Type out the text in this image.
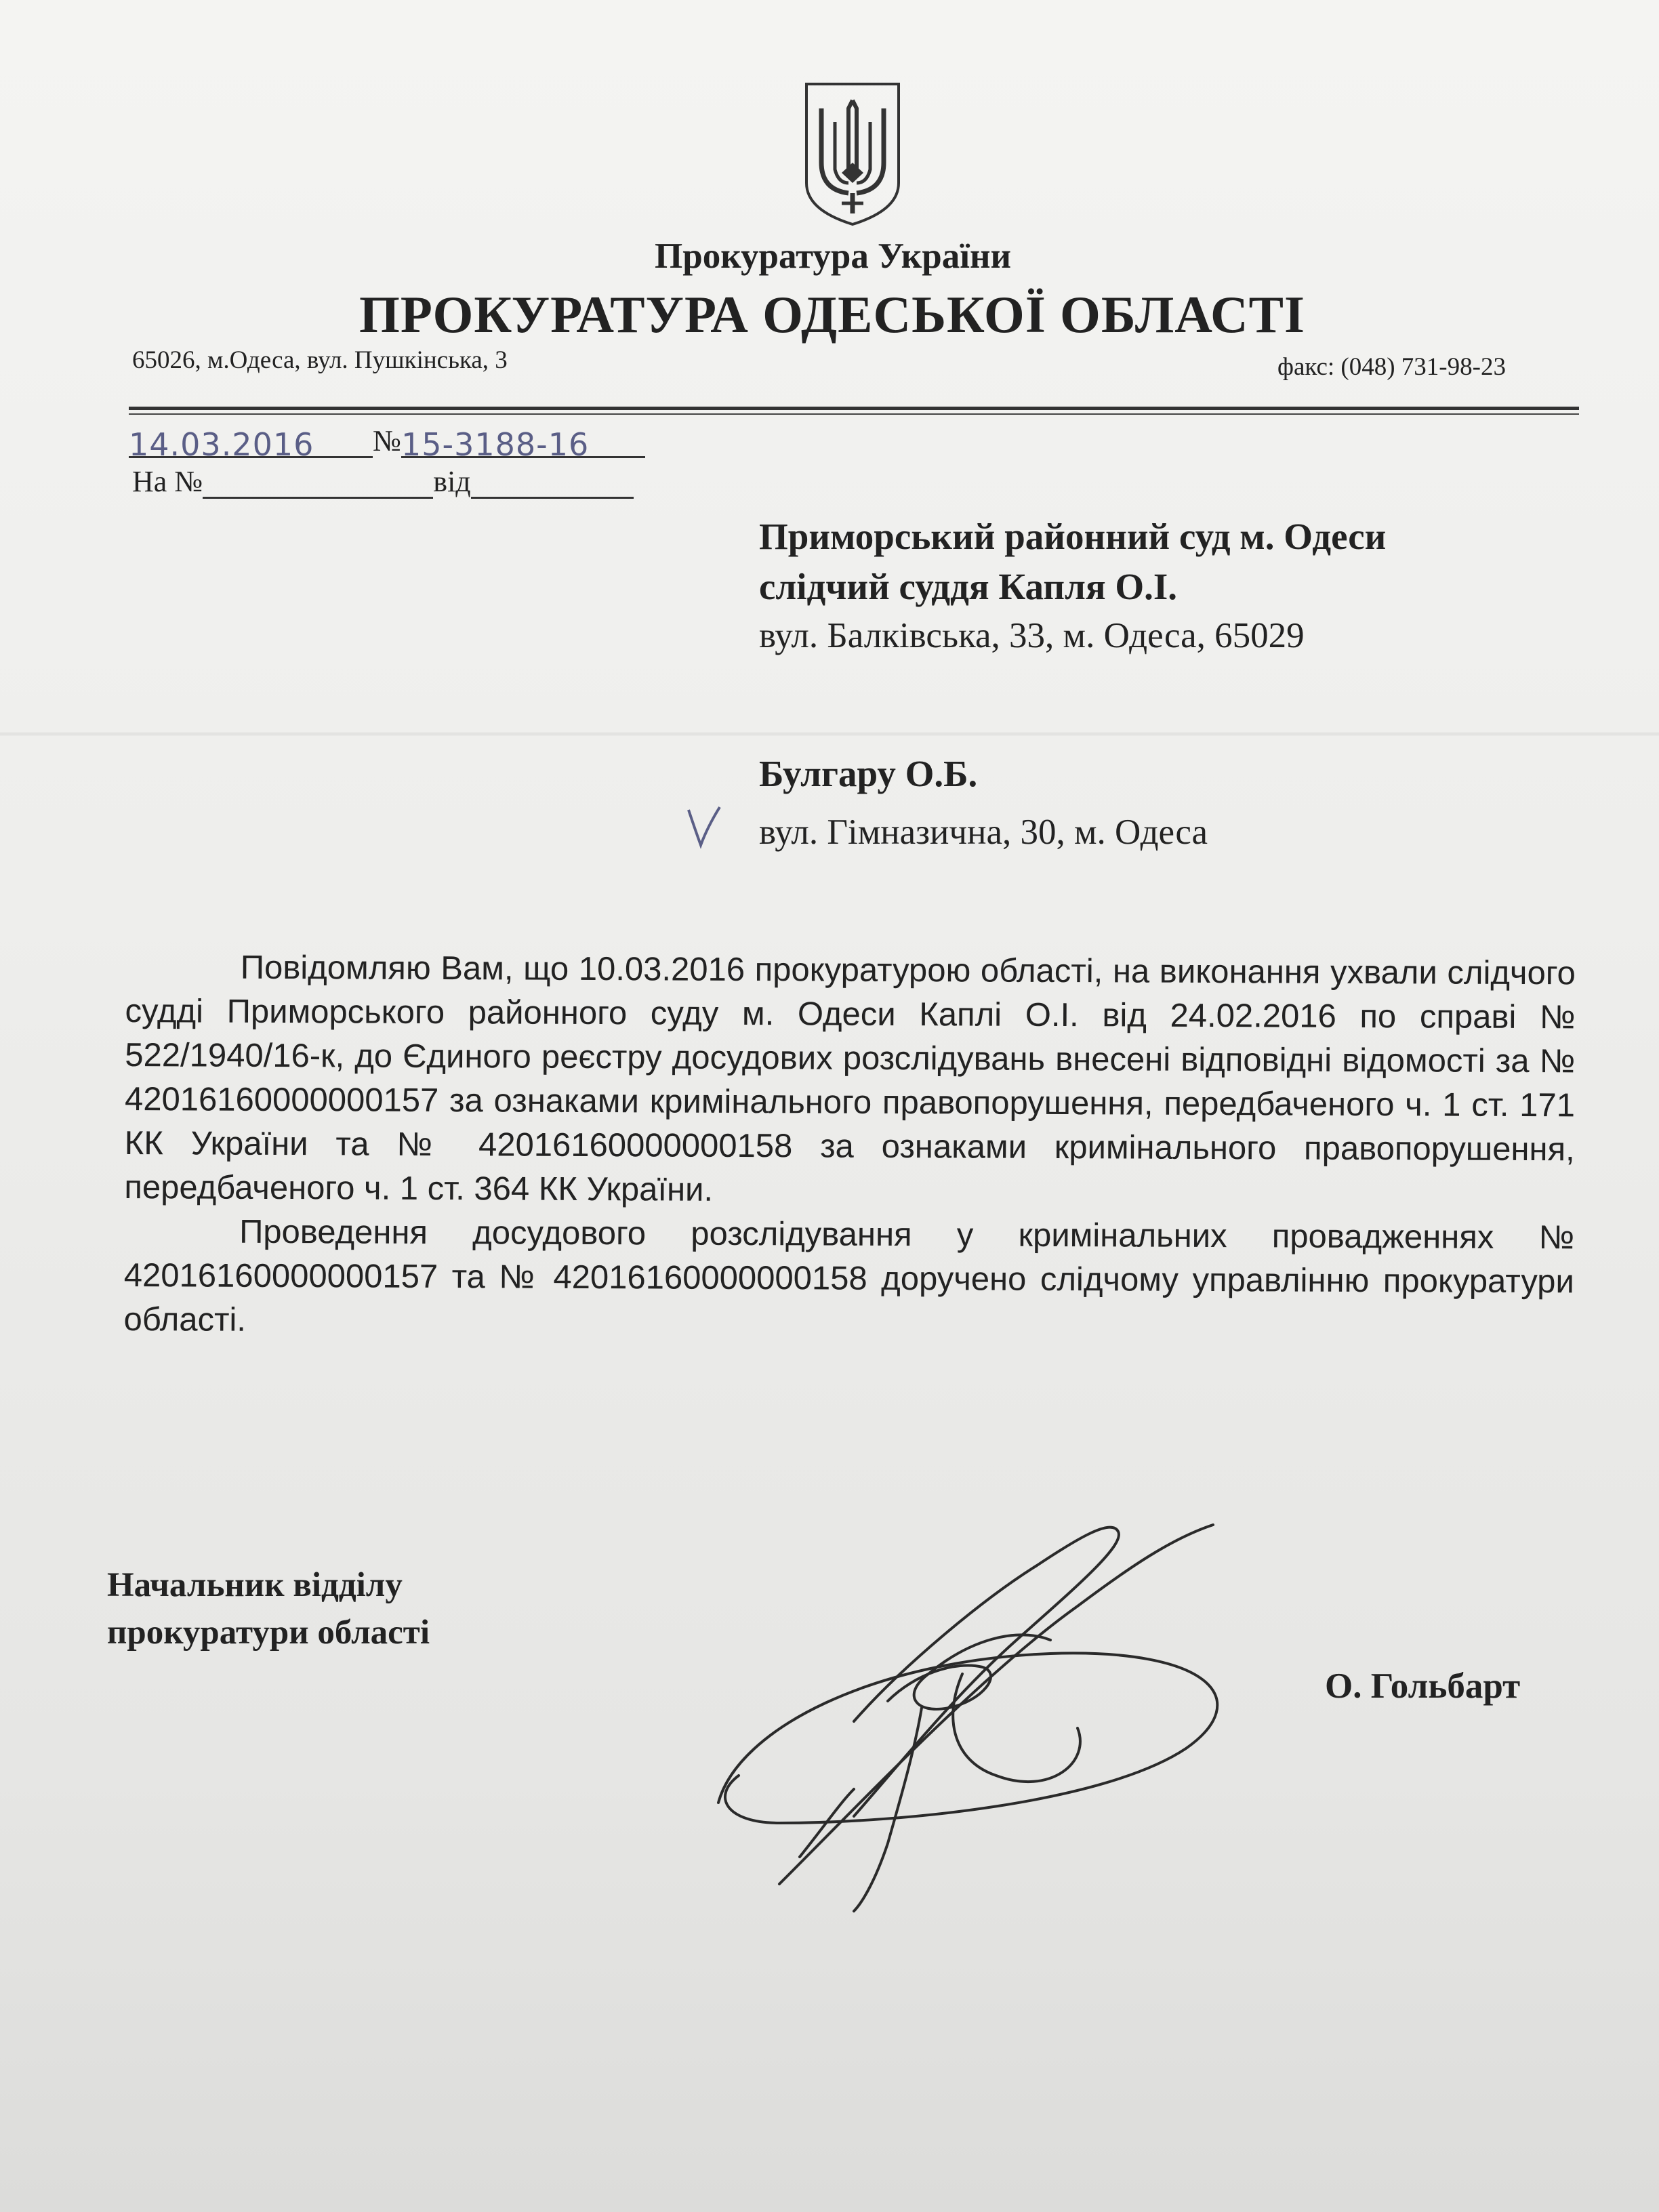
Прокуратура України
ПРОКУРАТУРА ОДЕСЬКОЇ ОБЛАСТІ
65026, м.Одеса, вул. Пушкінська, 3	факс: (048) 731-98-23
14.03.2016 №15-3188-16
На №	від
Приморський районний суд м. Одеси
слідчий суддя Капля О.І.
вул. Балківська, 33, м. Одеса, 65029
Булгару О.Б.
вул. Гімназична, 30, м. Одеса

Повідомляю Вам, що 10.03.2016 прокуратурою області, на виконання ухвали слідчого судді Приморського районного суду м. Одеси Каплі О.І. від 24.02.2016 по справі № 522/1940/16-к, до Єдиного реєстру досудових розслідувань внесені відповідні відомості за № 42016160000000157 за ознаками кримінального правопорушення, передбаченого ч. 1 ст. 171 КК України та № 42016160000000158 за ознаками кримінального правопорушення, передбаченого ч. 1 ст. 364 КК України.

Проведення досудового розслідування у кримінальних провадженнях № 42016160000000157 та № 42016160000000158 доручено слідчому управлінню прокуратури області.

Начальник відділу
прокуратури області
О. Гольбарт
